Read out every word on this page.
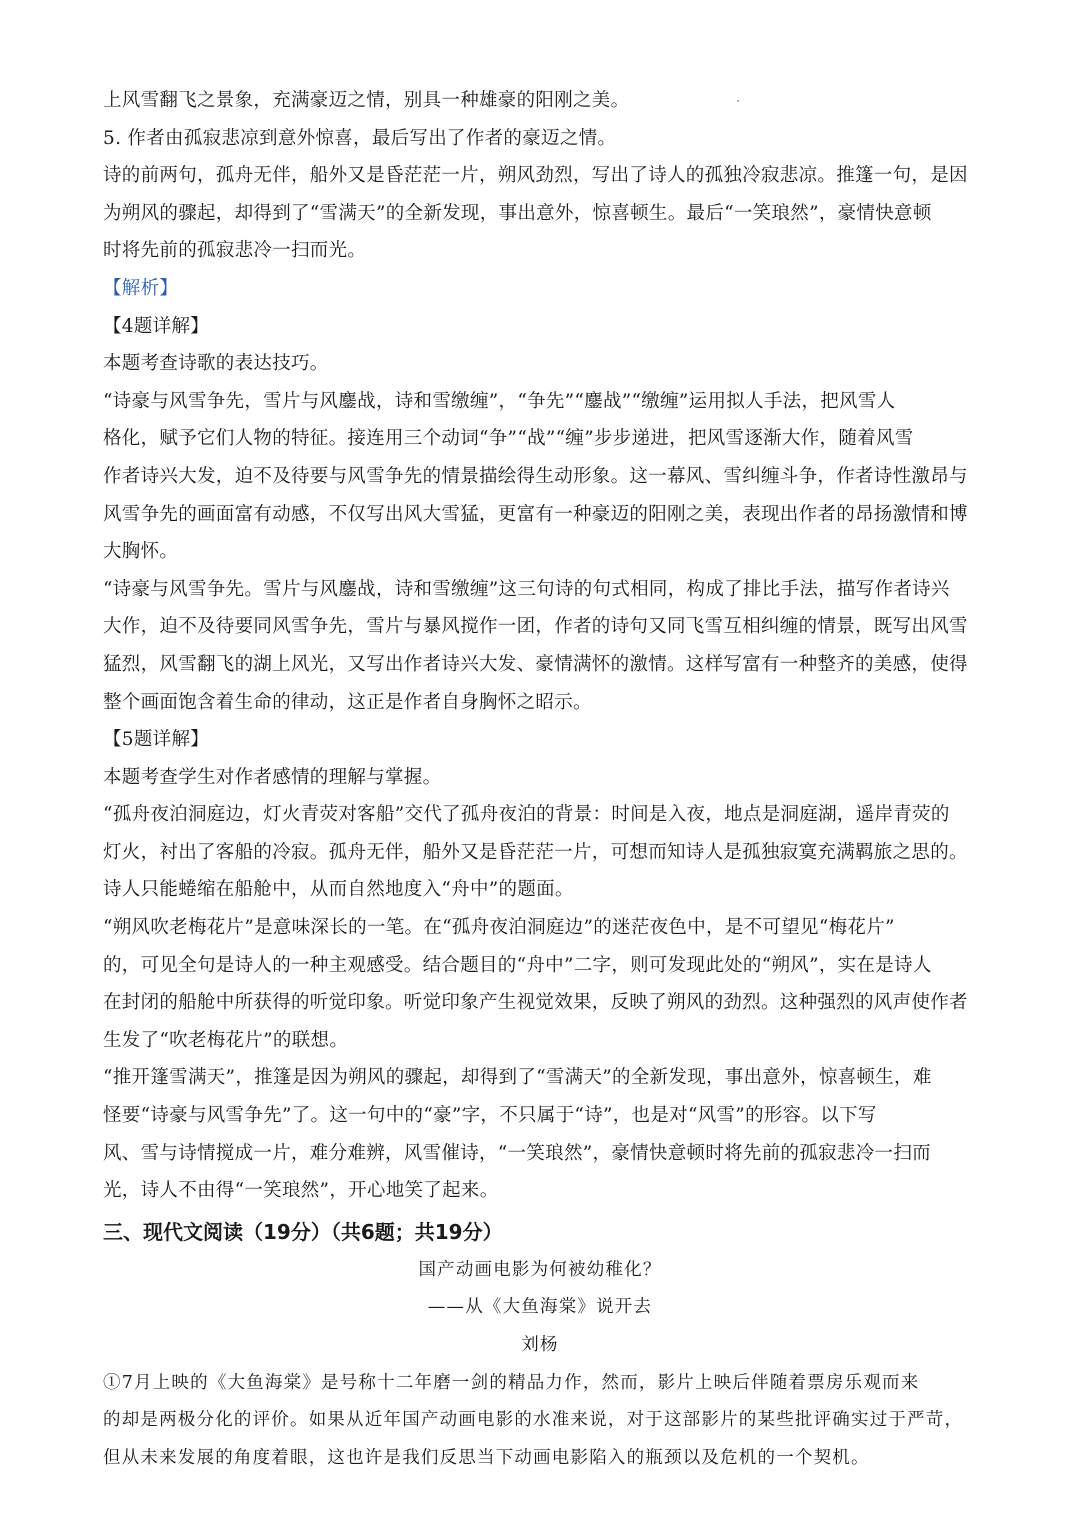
上风雪翻飞之景象，充满豪迈之情，别具一种雄豪的阳刚之美。
5. 作者由孤寂悲凉到意外惊喜，最后写出了作者的豪迈之情。
诗的前两句，孤舟无伴，船外又是昏茫茫一片，朔风劲烈，写出了诗人的孤独冷寂悲凉。推篷一句，是因
为朔风的骤起，却得到了“雪满天”的全新发现，事出意外，惊喜顿生。最后“一笑琅然”，豪情快意顿
时将先前的孤寂悲冷一扫而光。
【解析】
【4题详解】
本题考查诗歌的表达技巧。
“诗豪与风雪争先，雪片与风鏖战，诗和雪缴缠”，“争先”“鏖战”“缴缠”运用拟人手法，把风雪人
格化，赋予它们人物的特征。接连用三个动词“争”“战”“缠”步步递进，把风雪逐渐大作，随着风雪
作者诗兴大发，迫不及待要与风雪争先的情景描绘得生动形象。这一幕风、雪纠缠斗争，作者诗性激昂与
风雪争先的画面富有动感，不仅写出风大雪猛，更富有一种豪迈的阳刚之美，表现出作者的昂扬激情和博
大胸怀。
“诗豪与风雪争先。雪片与风鏖战，诗和雪缴缠”这三句诗的句式相同，构成了排比手法，描写作者诗兴
大作，迫不及待要同风雪争先，雪片与暴风搅作一团，作者的诗句又同飞雪互相纠缠的情景，既写出风雪
猛烈，风雪翻飞的湖上风光，又写出作者诗兴大发、豪情满怀的激情。这样写富有一种整齐的美感，使得
整个画面饱含着生命的律动，这正是作者自身胸怀之昭示。
【5题详解】
本题考查学生对作者感情的理解与掌握。
“孤舟夜泊洞庭边，灯火青荧对客船”交代了孤舟夜泊的背景：时间是入夜，地点是洞庭湖，遥岸青荧的
灯火，衬出了客船的冷寂。孤舟无伴，船外又是昏茫茫一片，可想而知诗人是孤独寂寞充满羁旅之思的。
诗人只能蜷缩在船舱中，从而自然地度入“舟中”的题面。
“朔风吹老梅花片”是意味深长的一笔。在“孤舟夜泊洞庭边”的迷茫夜色中，是不可望见“梅花片”
的，可见全句是诗人的一种主观感受。结合题目的“舟中”二字，则可发现此处的“朔风”，实在是诗人
在封闭的船舱中所获得的听觉印象。听觉印象产生视觉效果，反映了朔风的劲烈。这种强烈的风声使作者
生发了“吹老梅花片”的联想。
“推开篷雪满天”，推篷是因为朔风的骤起，却得到了“雪满天”的全新发现，事出意外，惊喜顿生，难
怪要“诗豪与风雪争先”了。这一句中的“豪”字，不只属于“诗”，也是对“风雪”的形容。以下写
风、雪与诗情搅成一片，难分难辨，风雪催诗，“一笑琅然”，豪情快意顿时将先前的孤寂悲冷一扫而
光，诗人不由得“一笑琅然”，开心地笑了起来。
三、现代文阅读（19分）（共6题；共19分）
国产动画电影为何被幼稚化？
——从《大鱼海棠》说开去
刘杨
①7月上映的《大鱼海棠》是号称十二年磨一剑的精品力作，然而，影片上映后伴随着票房乐观而来
的却是两极分化的评价。如果从近年国产动画电影的水准来说，对于这部影片的某些批评确实过于严苛，
但从未来发展的角度着眼，这也许是我们反思当下动画电影陷入的瓶颈以及危机的一个契机。
